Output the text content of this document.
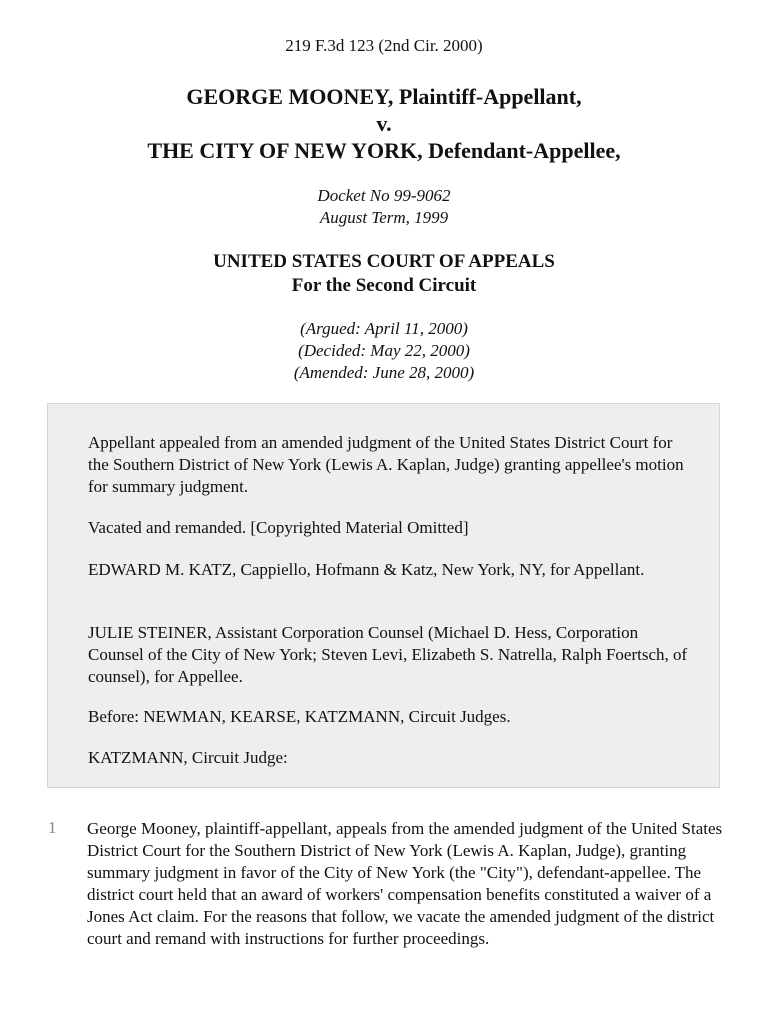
219 F.3d 123 (2nd Cir. 2000)
GEORGE MOONEY, Plaintiff-Appellant,
v.
THE CITY OF NEW YORK, Defendant-Appellee,
Docket No 99-9062
August Term, 1999
UNITED STATES COURT OF APPEALS
For the Second Circuit
(Argued: April 11, 2000)
(Decided: May 22, 2000)
(Amended: June 28, 2000)

Appellant appealed from an amended judgment of the United States District Court for the Southern District of New York (Lewis A. Kaplan, Judge) granting appellee's motion for summary judgment.

Vacated and remanded. [Copyrighted Material Omitted]

EDWARD M. KATZ, Cappiello, Hofmann & Katz, New York, NY, for Appellant.

JULIE STEINER, Assistant Corporation Counsel (Michael D. Hess, Corporation Counsel of the City of New York; Steven Levi, Elizabeth S. Natrella, Ralph Foertsch, of counsel), for Appellee.

Before: NEWMAN, KEARSE, KATZMANN, Circuit Judges.

KATZMANN, Circuit Judge:

1 George Mooney, plaintiff-appellant, appeals from the amended judgment of the United States District Court for the Southern District of New York (Lewis A. Kaplan, Judge), granting summary judgment in favor of the City of New York (the "City"), defendant-appellee. The district court held that an award of workers' compensation benefits constituted a waiver of a Jones Act claim. For the reasons that follow, we vacate the amended judgment of the district court and remand with instructions for further proceedings.
